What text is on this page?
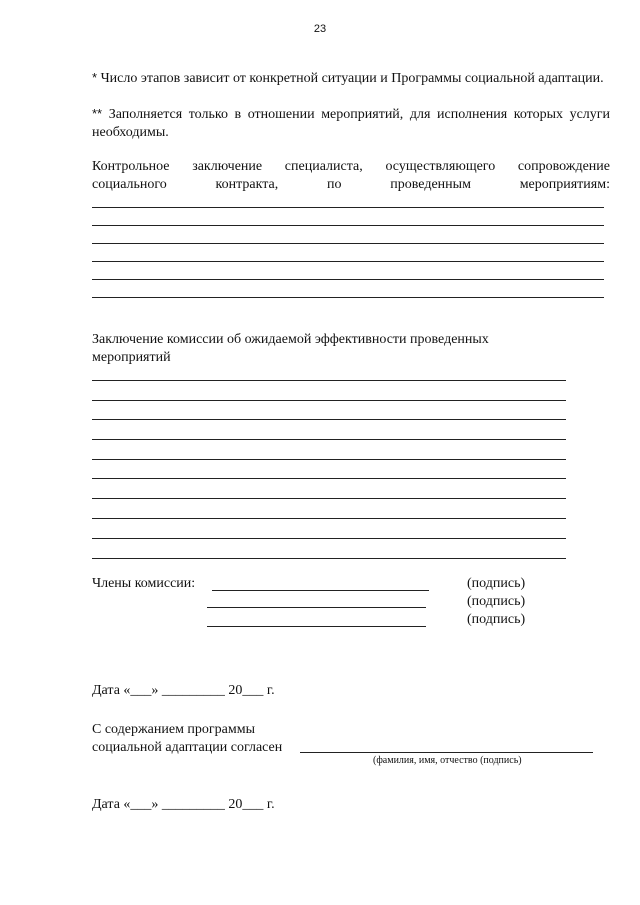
23
* Число этапов зависит от конкретной ситуации и Программы социальной адаптации.
** Заполняется только в отношении мероприятий, для исполнения которых услуги необходимы.
Контрольное заключение специалиста, осуществляющего сопровождение
социального контракта, по проведенным мероприятиям:
Заключение комиссии об ожидаемой эффективности проведенных
мероприятий
Члены комиссии:	(подпись)
(подпись)
(подпись)
Дата «___» _________ 20___ г.
С содержанием программы
социальной адаптации согласен
(фамилия, имя, отчество (подпись)
Дата «___» _________ 20___ г.
